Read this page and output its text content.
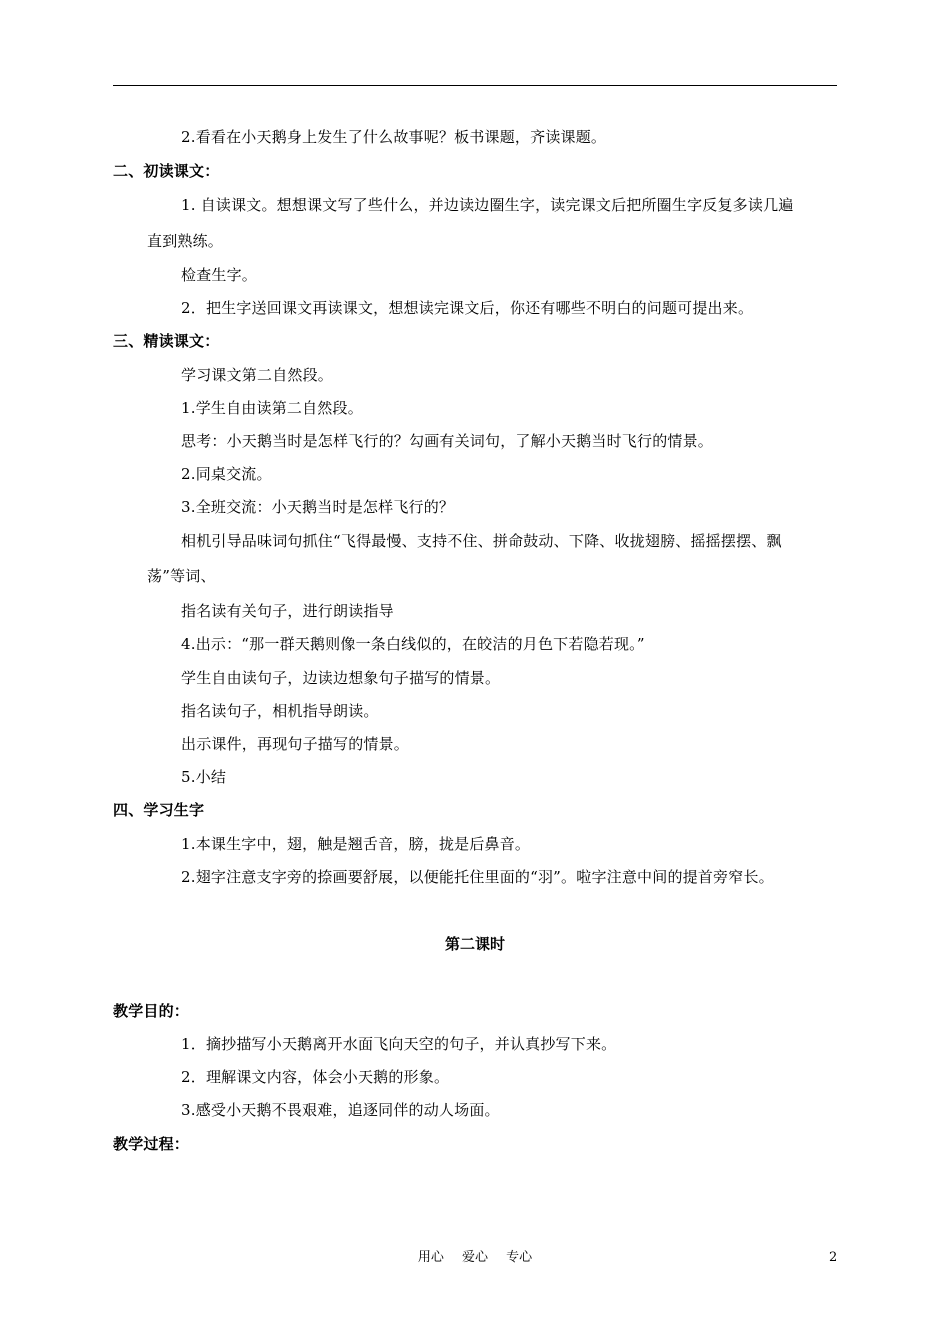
2.看看在小天鹅身上发生了什么故事呢？板书课题，齐读课题。
二、初读课文：
1. 自读课文。想想课文写了些什么，并边读边圈生字，读完课文后把所圈生字反复多读几遍
直到熟练。
检查生字。
2．把生字送回课文再读课文，想想读完课文后，你还有哪些不明白的问题可提出来。
三、精读课文：
学习课文第二自然段。
1.学生自由读第二自然段。
思考：小天鹅当时是怎样飞行的？勾画有关词句，了解小天鹅当时飞行的情景。
2.同桌交流。
3.全班交流：小天鹅当时是怎样飞行的？
相机引导品味词句抓住“飞得最慢、支持不住、拼命鼓动、下降、收拢翅膀、摇摇摆摆、飘
荡”等词、
指名读有关句子，进行朗读指导
4.出示：“那一群天鹅则像一条白线似的，在皎洁的月色下若隐若现。”
学生自由读句子，边读边想象句子描写的情景。
指名读句子，相机指导朗读。
出示课件，再现句子描写的情景。
5.小结
四、学习生字
1.本课生字中，翅，触是翘舌音，膀，拢是后鼻音。
2.翅字注意支字旁的捺画要舒展，以便能托住里面的“羽”。啦字注意中间的提首旁窄长。
第二课时
教学目的：
1．摘抄描写小天鹅离开水面飞向天空的句子，并认真抄写下来。
2．理解课文内容，体会小天鹅的形象。
3.感受小天鹅不畏艰难，追逐同伴的动人场面。
教学过程：
用心 爱心 专心	2
